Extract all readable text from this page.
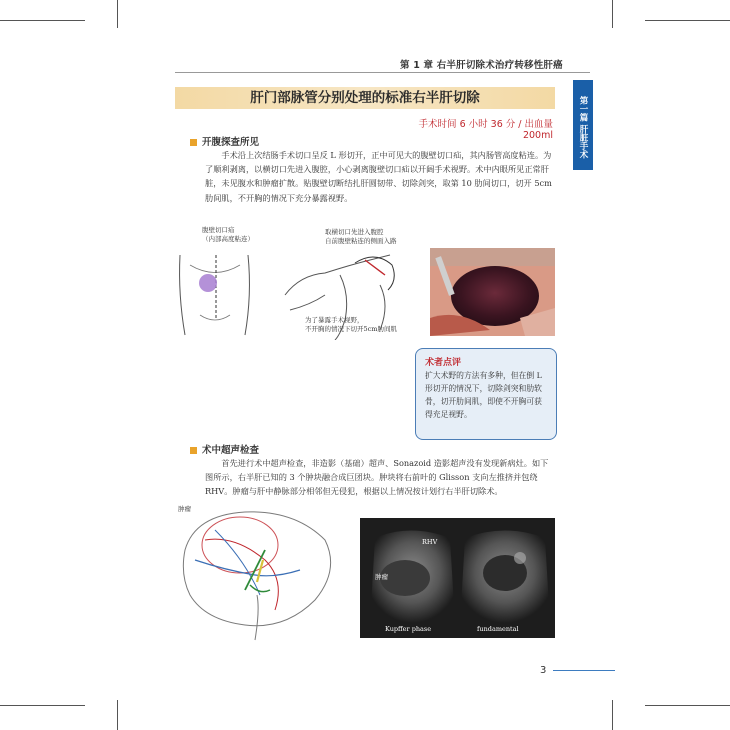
第 1 章 右半肝切除术治疗转移性肝癌
第一篇 肝脏手术
肝门部脉管分别处理的标准右半肝切除
手术时间 6 小时 36 分 / 出血量 200ml
开腹探查所见
手术沿上次结肠手术切口呈反 L 形切开，正中可见大的腹壁切口疝，其内肠管高度粘连。为了顺利剥离，以横切口先进入腹腔，小心剥离腹壁切口疝以开阔手术视野。术中内眼所见正常肝脏，未见腹水和肿瘤扩散。贴腹壁切断结扎肝圆韧带、切除剑突，取第 10 肋间切口，切开 5cm 肋间肌，不开胸的情况下充分暴露视野。
腹壁切口疝
（内部高度粘连）
取横切口先进入腹腔
自前腹壁粘连的侧面入路
为了暴露手术视野，
不开胸的情况下切开5cm肋间肌
术者点评
扩大术野的方法有多种，但在倒 L 形切开的情况下，切除剑突和肋软骨，切开肋间肌，即使不开胸可获得充足视野。
术中超声检查
首先进行术中超声检查，非造影（基础）超声、Sonazoid 造影超声没有发现新病灶。如下图所示，右半肝已知的 3 个肿块融合成巨团块。肿块将右前叶的 Glisson 支向左推挤并包绕 RHV。肿瘤与肝中静脉部分相邻但无侵犯，根据以上情况按计划行右半肝切除术。
肿瘤
RHV
肿瘤
Kupffer phase	fundamental
3
